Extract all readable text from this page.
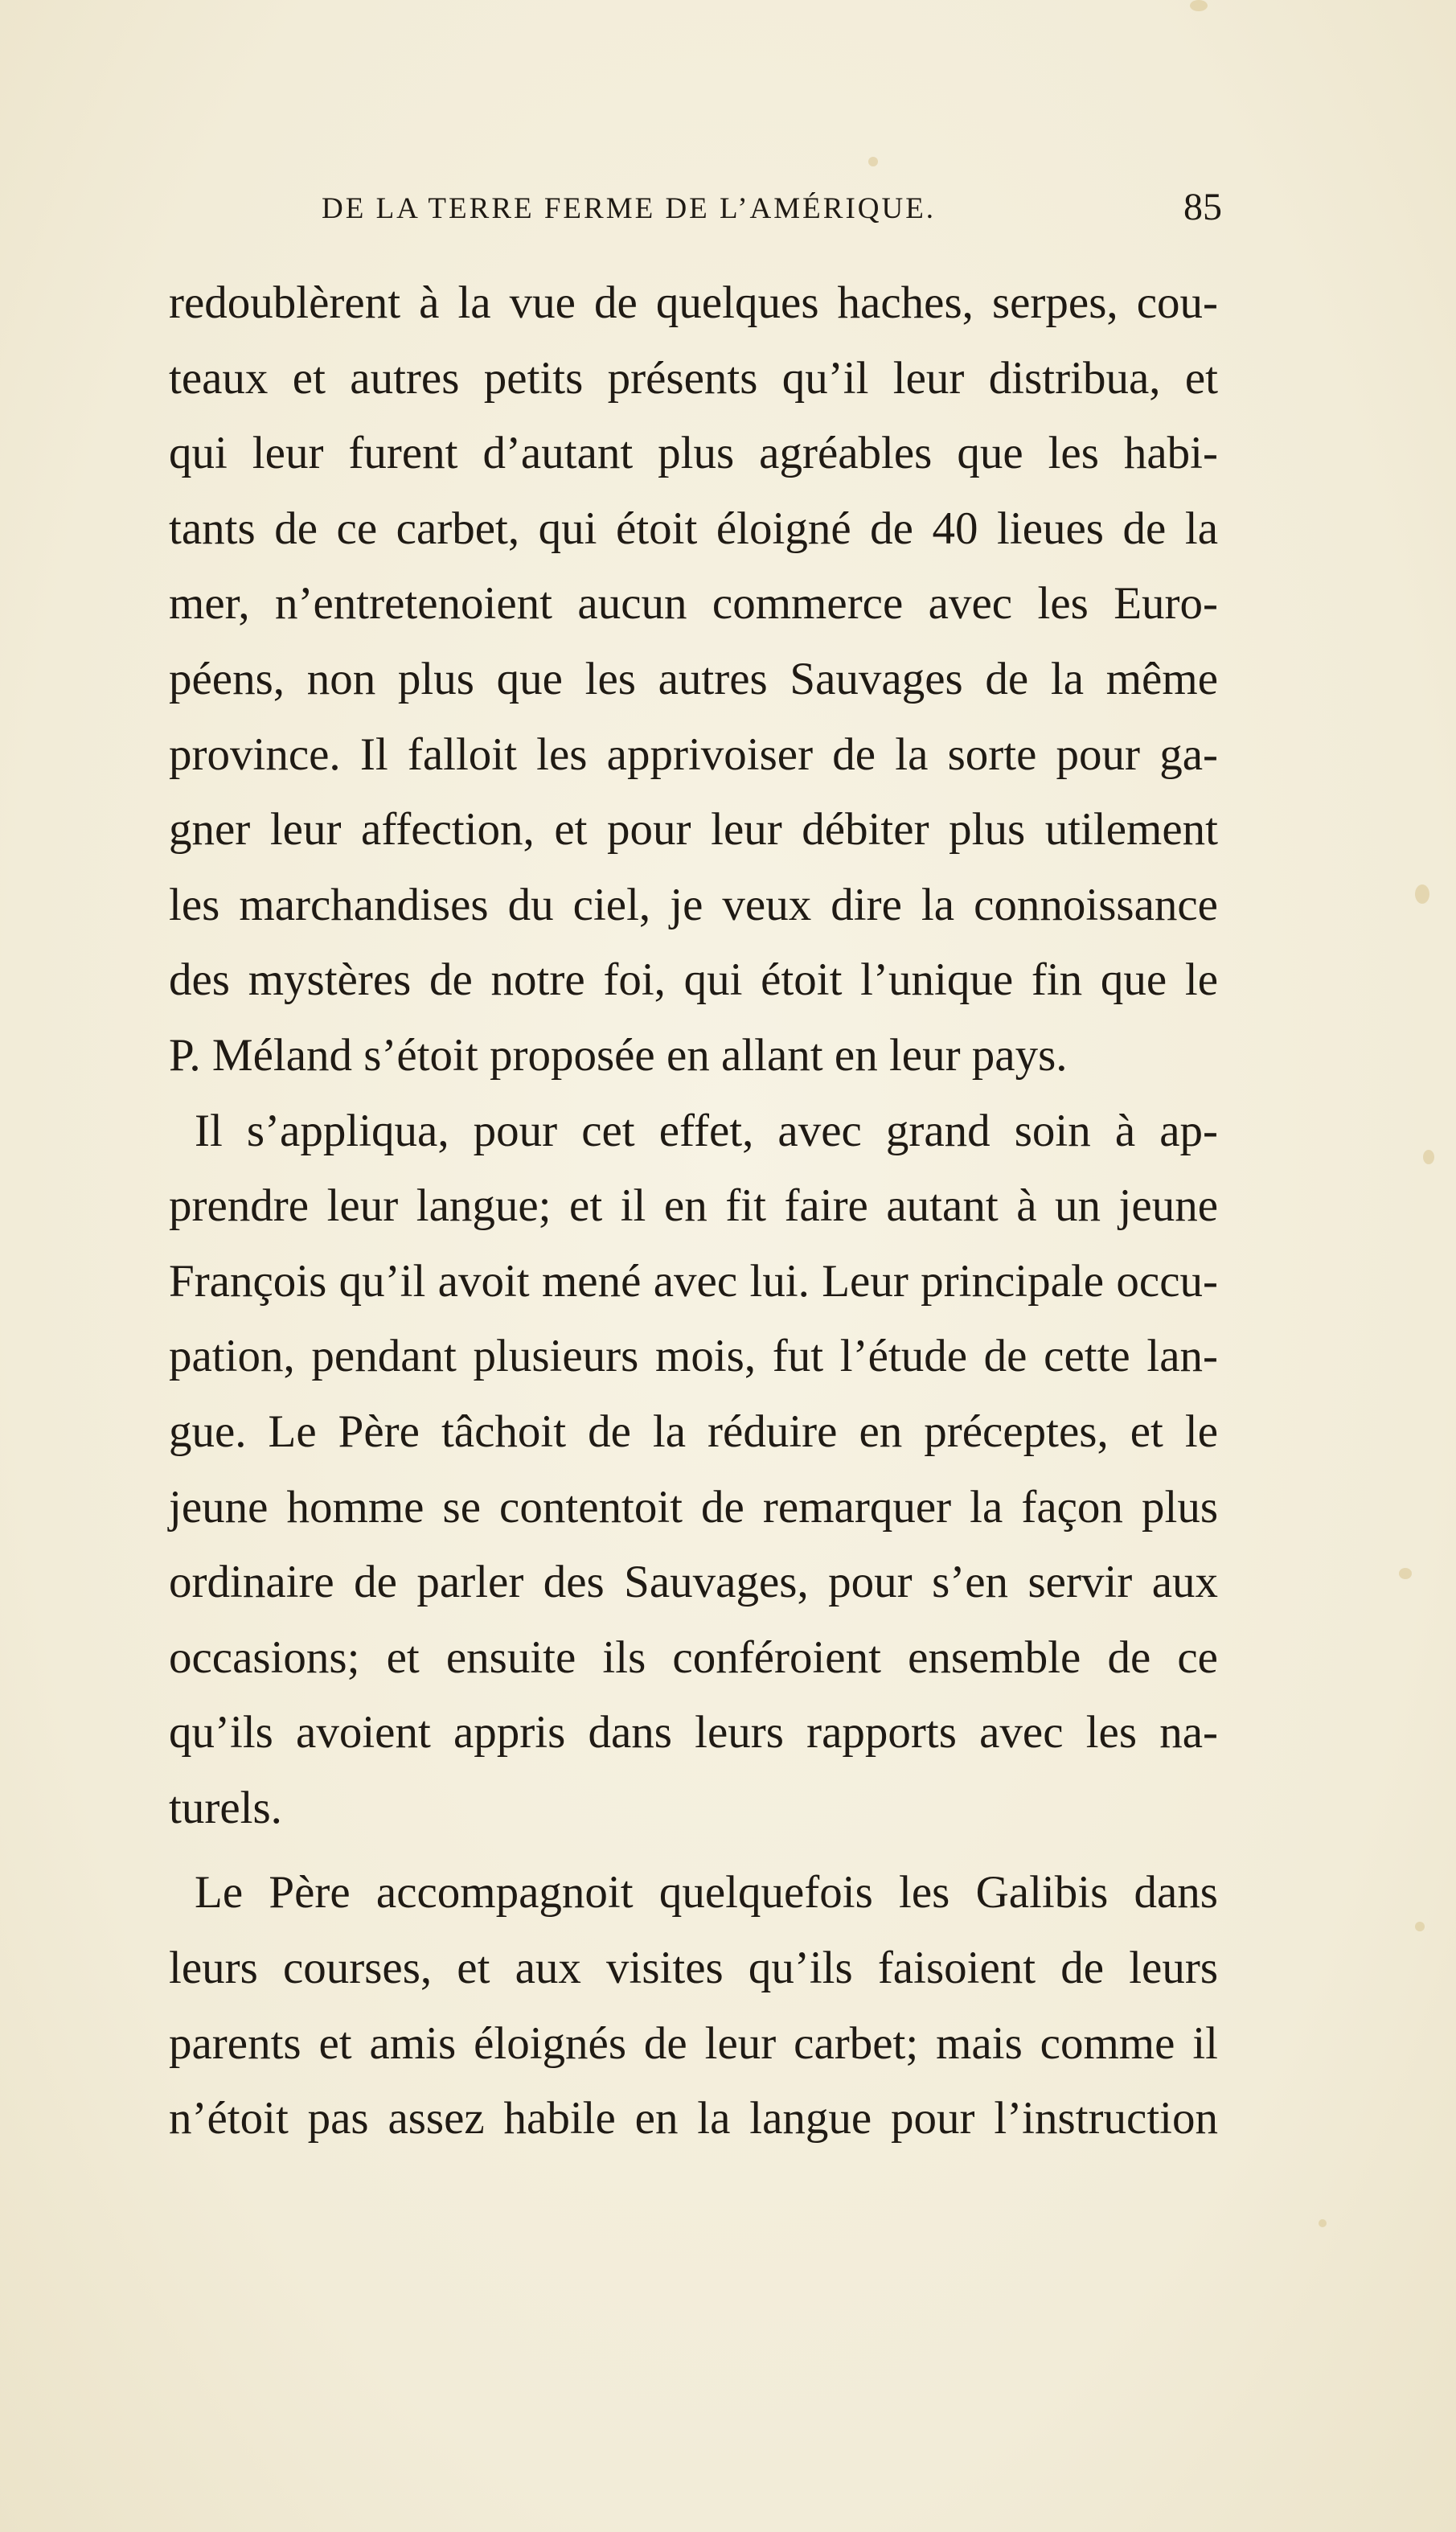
DE LA TERRE FERME DE L’AMÉRIQUE.	85
redoublèrent à la vue de quelques haches, serpes, cou-
teaux et autres petits présents qu’il leur distribua, et
qui leur furent d’autant plus agréables que les habi-
tants de ce carbet, qui étoit éloigné de 40 lieues de la
mer, n’entretenoient aucun commerce avec les Euro-
péens, non plus que les autres Sauvages de la même
province. Il falloit les apprivoiser de la sorte pour ga-
gner leur affection, et pour leur débiter plus utilement
les marchandises du ciel, je veux dire la connoissance
des mystères de notre foi, qui étoit l’unique fin que le
P. Méland s’étoit proposée en allant en leur pays.
Il s’appliqua, pour cet effet, avec grand soin à ap-
prendre leur langue; et il en fit faire autant à un jeune
François qu’il avoit mené avec lui. Leur principale occu-
pation, pendant plusieurs mois, fut l’étude de cette lan-
gue. Le Père tâchoit de la réduire en préceptes, et le
jeune homme se contentoit de remarquer la façon plus
ordinaire de parler des Sauvages, pour s’en servir aux
occasions; et ensuite ils conféroient ensemble de ce
qu’ils avoient appris dans leurs rapports avec les na-
turels.
Le Père accompagnoit quelquefois les Galibis dans
leurs courses, et aux visites qu’ils faisoient de leurs
parents et amis éloignés de leur carbet; mais comme il
n’étoit pas assez habile en la langue pour l’instruction
